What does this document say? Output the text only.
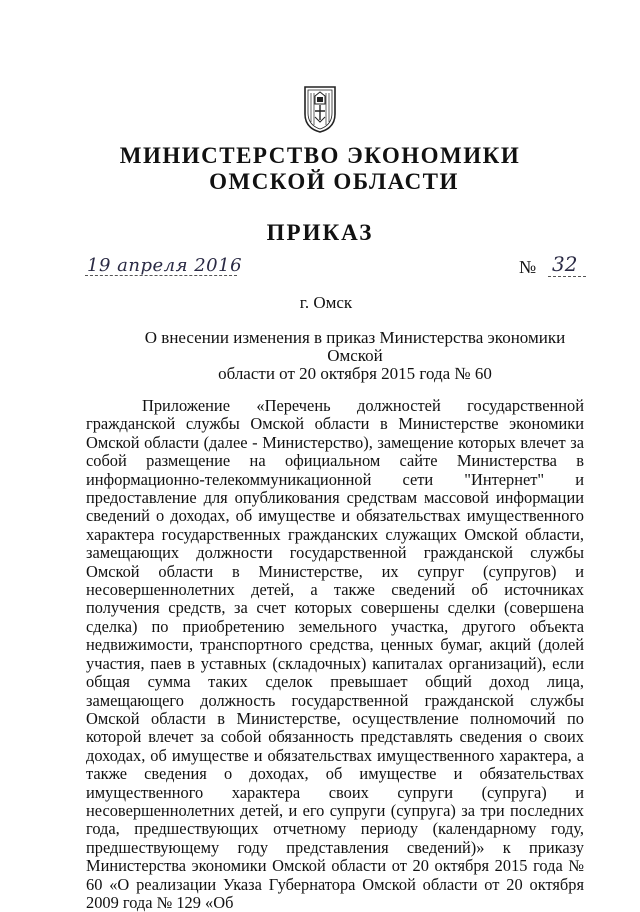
МИНИСТЕРСТВО ЭКОНОМИКИ
ОМСКОЙ ОБЛАСТИ
ПРИКАЗ
19 апреля 2016	№ 32
г. Омск
О внесении изменения в приказ Министерства экономики Омской
области от 20 октября 2015 года № 60

Приложение «Перечень должностей государственной гражданской службы Омской области в Министерстве экономики Омской области (далее - Министерство), замещение которых влечет за собой размещение на официальном сайте Министерства в информационно-телекоммуникационной сети "Интернет" и предоставление для опубликования средствам массовой информации сведений о доходах, об имуществе и обязательствах имущественного характера государственных гражданских служащих Омской области, замещающих должности государственной гражданской службы Омской области в Министерстве, их супруг (супругов) и несовершеннолетних детей, а также сведений об источниках получения средств, за счет которых совершены сделки (совершена сделка) по приобретению земельного участка, другого объекта недвижимости, транспортного средства, ценных бумаг, акций (долей участия, паев в уставных (складочных) капиталах организаций), если общая сумма таких сделок превышает общий доход лица, замещающего должность государственной гражданской службы Омской области в Министерстве, осуществление полномочий по которой влечет за собой обязанность представлять сведения о своих доходах, об имуществе и обязательствах имущественного характера, а также сведения о доходах, об имуществе и обязательствах имущественного характера своих супруги (супруга) и несовершеннолетних детей, и его супруги (супруга) за три последних года, предшествующих отчетному периоду (календарному году, предшествующему году представления сведений)» к приказу Министерства экономики Омской области от 20 октября 2015 года № 60 «О реализации Указа Губернатора Омской области от 20 октября 2009 года № 129 «Об
